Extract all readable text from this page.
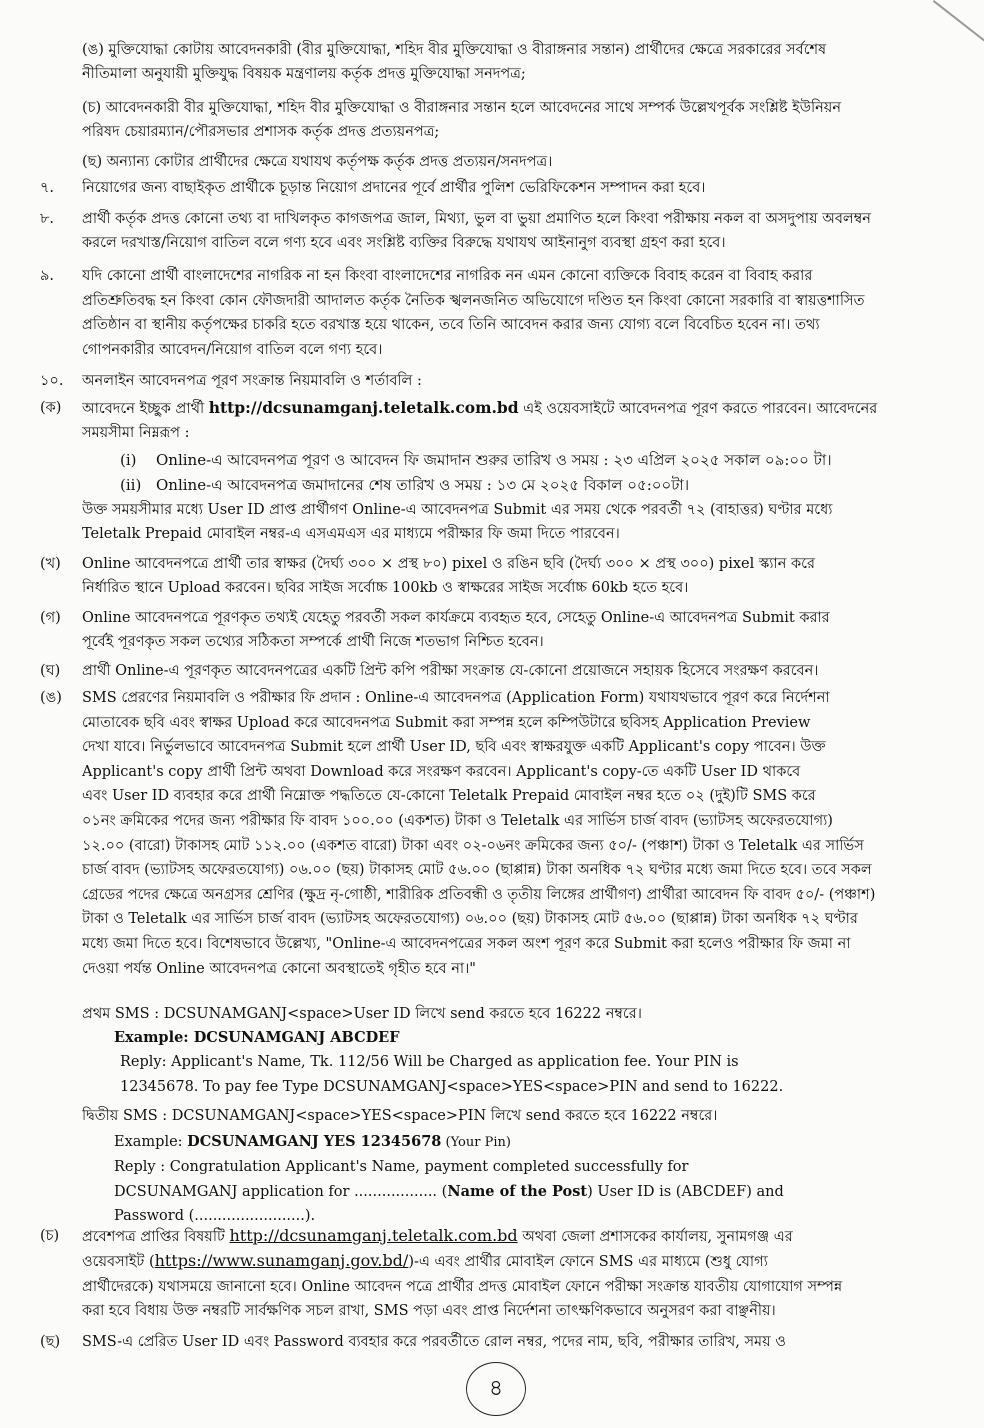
(ঙ) মুক্তিযোদ্ধা কোটায় আবেদনকারী (বীর মুক্তিযোদ্ধা, শহিদ বীর মুক্তিযোদ্ধা ও বীরাঙ্গনার সন্তান) প্রার্থীদের ক্ষেত্রে সরকারের সর্বশেষ
নীতিমালা অনুযায়ী মুক্তিযুদ্ধ বিষয়ক মন্ত্রণালয় কর্তৃক প্রদত্ত মুক্তিযোদ্ধা সনদপত্র;
(চ) আবেদনকারী বীর মুক্তিযোদ্ধা, শহিদ বীর মুক্তিযোদ্ধা ও বীরাঙ্গনার সন্তান হলে আবেদনের সাথে সম্পর্ক উল্লেখপূর্বক সংশ্লিষ্ট ইউনিয়ন
পরিষদ চেয়ারম্যান/পৌরসভার প্রশাসক কর্তৃক প্রদত্ত প্রত্যয়নপত্র;
(ছ) অন্যান্য কোটার প্রার্থীদের ক্ষেত্রে যথাযথ কর্তৃপক্ষ কর্তৃক প্রদত্ত প্রত্যয়ন/সনদপত্র।
৭. নিয়োগের জন্য বাছাইকৃত প্রার্থীকে চূড়ান্ত নিয়োগ প্রদানের পূর্বে প্রার্থীর পুলিশ ভেরিফিকেশন সম্পাদন করা হবে।
৮. প্রার্থী কর্তৃক প্রদত্ত কোনো তথ্য বা দাখিলকৃত কাগজপত্র জাল, মিথ্যা, ভুল বা ভুয়া প্রমাণিত হলে কিংবা পরীক্ষায় নকল বা অসদুপায় অবলম্বন
করলে দরখাস্ত/নিয়োগ বাতিল বলে গণ্য হবে এবং সংশ্লিষ্ট ব্যক্তির বিরুদ্ধে যথাযথ আইনানুগ ব্যবস্থা গ্রহণ করা হবে।
৯. যদি কোনো প্রার্থী বাংলাদেশের নাগরিক না হন কিংবা বাংলাদেশের নাগরিক নন এমন কোনো ব্যক্তিকে বিবাহ করেন বা বিবাহ করার
প্রতিশ্রুতিবদ্ধ হন কিংবা কোন ফৌজদারী আদালত কর্তৃক নৈতিক স্খলনজনিত অভিযোগে দণ্ডিত হন কিংবা কোনো সরকারি বা স্বায়ত্তশাসিত
প্রতিষ্ঠান বা স্থানীয় কর্তৃপক্ষের চাকরি হতে বরখাস্ত হয়ে থাকেন, তবে তিনি আবেদন করার জন্য যোগ্য বলে বিবেচিত হবেন না। তথ্য
গোপনকারীর আবেদন/নিয়োগ বাতিল বলে গণ্য হবে।
১০. অনলাইন আবেদনপত্র পূরণ সংক্রান্ত নিয়মাবলি ও শর্তাবলি :
(ক) আবেদনে ইচ্ছুক প্রার্থী http://dcsunamganj.teletalk.com.bd এই ওয়েবসাইটে আবেদনপত্র পূরণ করতে পারবেন। আবেদনের
সময়সীমা নিম্নরূপ :
(i) Online-এ আবেদনপত্র পূরণ ও আবেদন ফি জমাদান শুরুর তারিখ ও সময় : ২৩ এপ্রিল ২০২৫ সকাল ০৯:০০ টা।
(ii) Online-এ আবেদনপত্র জমাদানের শেষ তারিখ ও সময় : ১৩ মে ২০২৫ বিকাল ০৫:০০টা।
উক্ত সময়সীমার মধ্যে User ID প্রাপ্ত প্রার্থীগণ Online-এ আবেদনপত্র Submit এর সময় থেকে পরবর্তী ৭২ (বাহাত্তর) ঘণ্টার মধ্যে
Teletalk Prepaid মোবাইল নম্বর-এ এসএমএস এর মাধ্যমে পরীক্ষার ফি জমা দিতে পারবেন।
(খ) Online আবেদনপত্রে প্রার্থী তার স্বাক্ষর (দৈর্ঘ্য ৩০০ × প্রস্থ ৮০) pixel ও রঙিন ছবি (দৈর্ঘ্য ৩০০ × প্রস্থ ৩০০) pixel স্ক্যান করে
নির্ধারিত স্থানে Upload করবেন। ছবির সাইজ সর্বোচ্চ 100kb ও স্বাক্ষরের সাইজ সর্বোচ্চ 60kb হতে হবে।
(গ) Online আবেদনপত্রে পূরণকৃত তথ্যই যেহেতু পরবর্তী সকল কার্যক্রমে ব্যবহৃত হবে, সেহেতু Online-এ আবেদনপত্র Submit করার
পূর্বেই পূরণকৃত সকল তথ্যের সঠিকতা সম্পর্কে প্রার্থী নিজে শতভাগ নিশ্চিত হবেন।
(ঘ) প্রার্থী Online-এ পূরণকৃত আবেদনপত্রের একটি প্রিন্ট কপি পরীক্ষা সংক্রান্ত যে-কোনো প্রয়োজনে সহায়ক হিসেবে সংরক্ষণ করবেন।
(ঙ) SMS প্রেরণের নিয়মাবলি ও পরীক্ষার ফি প্রদান : Online-এ আবেদনপত্র (Application Form) যথাযথভাবে পূরণ করে নির্দেশনা
মোতাবেক ছবি এবং স্বাক্ষর Upload করে আবেদনপত্র Submit করা সম্পন্ন হলে কম্পিউটারে ছবিসহ Application Preview
দেখা যাবে। নির্ভুলভাবে আবেদনপত্র Submit হলে প্রার্থী User ID, ছবি এবং স্বাক্ষরযুক্ত একটি Applicant's copy পাবেন। উক্ত
Applicant's copy প্রার্থী প্রিন্ট অথবা Download করে সংরক্ষণ করবেন। Applicant's copy-তে একটি User ID থাকবে
এবং User ID ব্যবহার করে প্রার্থী নিম্নোক্ত পদ্ধতিতে যে-কোনো Teletalk Prepaid মোবাইল নম্বর হতে ০২ (দুই)টি SMS করে
০১নং ক্রমিকের পদের জন্য পরীক্ষার ফি বাবদ ১০০.০০ (একশত) টাকা ও Teletalk এর সার্ভিস চার্জ বাবদ (ভ্যাটসহ অফেরতযোগ্য)
১২.০০ (বারো) টাকাসহ মোট ১১২.০০ (একশত বারো) টাকা এবং ০২-০৬নং ক্রমিকের জন্য ৫০/- (পঞ্চাশ) টাকা ও Teletalk এর সার্ভিস
চার্জ বাবদ (ভ্যাটসহ অফেরতযোগ্য) ০৬.০০ (ছয়) টাকাসহ মোট ৫৬.০০ (ছাপ্পান্ন) টাকা অনধিক ৭২ ঘণ্টার মধ্যে জমা দিতে হবে। তবে সকল
গ্রেডের পদের ক্ষেত্রে অনগ্রসর শ্রেণির (ক্ষুদ্র নৃ-গোষ্ঠী, শারীরিক প্রতিবন্ধী ও তৃতীয় লিঙ্গের প্রার্থীগণ) প্রার্থীরা আবেদন ফি বাবদ ৫০/- (পঞ্চাশ)
টাকা ও Teletalk এর সার্ভিস চার্জ বাবদ (ভ্যাটসহ অফেরতযোগ্য) ০৬.০০ (ছয়) টাকাসহ মোট ৫৬.০০ (ছাপ্পান্ন) টাকা অনধিক ৭২ ঘণ্টার
মধ্যে জমা দিতে হবে। বিশেষভাবে উল্লেখ্য, "Online-এ আবেদনপত্রের সকল অংশ পূরণ করে Submit করা হলেও পরীক্ষার ফি জমা না
দেওয়া পর্যন্ত Online আবেদনপত্র কোনো অবস্থাতেই গৃহীত হবে না।"
প্রথম SMS : DCSUNAMGANJ<space>User ID লিখে send করতে হবে 16222 নম্বরে।
Example: DCSUNAMGANJ ABCDEF
Reply: Applicant's Name, Tk. 112/56 Will be Charged as application fee. Your PIN is
12345678. To pay fee Type DCSUNAMGANJ<space>YES<space>PIN and send to 16222.
দ্বিতীয় SMS : DCSUNAMGANJ<space>YES<space>PIN লিখে send করতে হবে 16222 নম্বরে।
Example: DCSUNAMGANJ YES 12345678 (Your Pin)
Reply : Congratulation Applicant's Name, payment completed successfully for
DCSUNAMGANJ application for .................. (Name of the Post) User ID is (ABCDEF) and
Password (........................).
(চ) প্রবেশপত্র প্রাপ্তির বিষয়টি http://dcsunamganj.teletalk.com.bd অথবা জেলা প্রশাসকের কার্যালয়, সুনামগঞ্জ এর
ওয়েবসাইট (https://www.sunamganj.gov.bd/)-এ এবং প্রার্থীর মোবাইল ফোনে SMS এর মাধ্যমে (শুধু যোগ্য
প্রার্থীদেরকে) যথাসময়ে জানানো হবে। Online আবেদন পত্রে প্রার্থীর প্রদত্ত মোবাইল ফোনে পরীক্ষা সংক্রান্ত যাবতীয় যোগাযোগ সম্পন্ন
করা হবে বিধায় উক্ত নম্বরটি সার্বক্ষণিক সচল রাখা, SMS পড়া এবং প্রাপ্ত নির্দেশনা তাৎক্ষণিকভাবে অনুসরণ করা বাঞ্ছনীয়।
(ছ) SMS-এ প্রেরিত User ID এবং Password ব্যবহার করে পরবর্তীতে রোল নম্বর, পদের নাম, ছবি, পরীক্ষার তারিখ, সময় ও
৪
